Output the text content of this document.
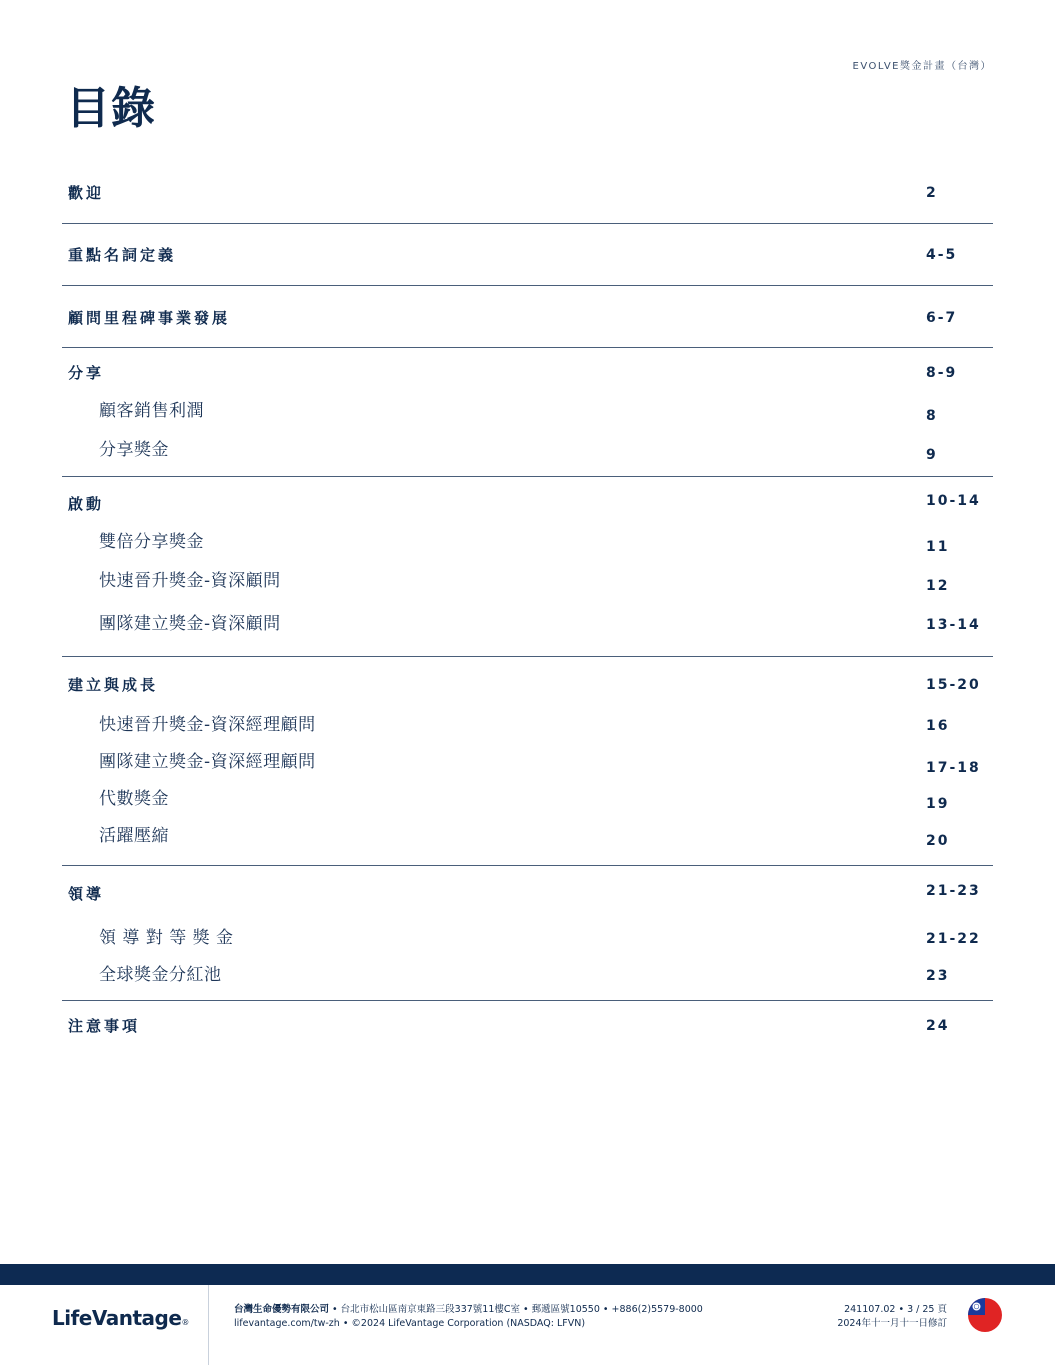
EVOLVE獎金計畫（台灣）
目錄
歡迎	2
重點名詞定義	4-5
顧問里程碑事業發展	6-7
分享	8-9
顧客銷售利潤	8
分享獎金	9
啟動	10-14
雙倍分享獎金	11
快速晉升獎金-資深顧問	12
團隊建立獎金-資深顧問	13-14
建立與成長	15-20
快速晉升獎金-資深經理顧問	16
團隊建立獎金-資深經理顧問	17-18
代數獎金	19
活躍壓縮	20
領導	21-23
領 導 對 等 獎 金	21-22
全球獎金分紅池	23
注意事項	24
LifeVantage®
台灣生命優勢有限公司 • 台北市松山區南京東路三段337號11樓C室 • 郵遞區號10550 • +886(2)5579-8000
lifevantage.com/tw-zh • ©2024 LifeVantage Corporation (NASDAQ: LFVN)
241107.02 • 3 / 25 頁
2024年十一月十一日修訂
